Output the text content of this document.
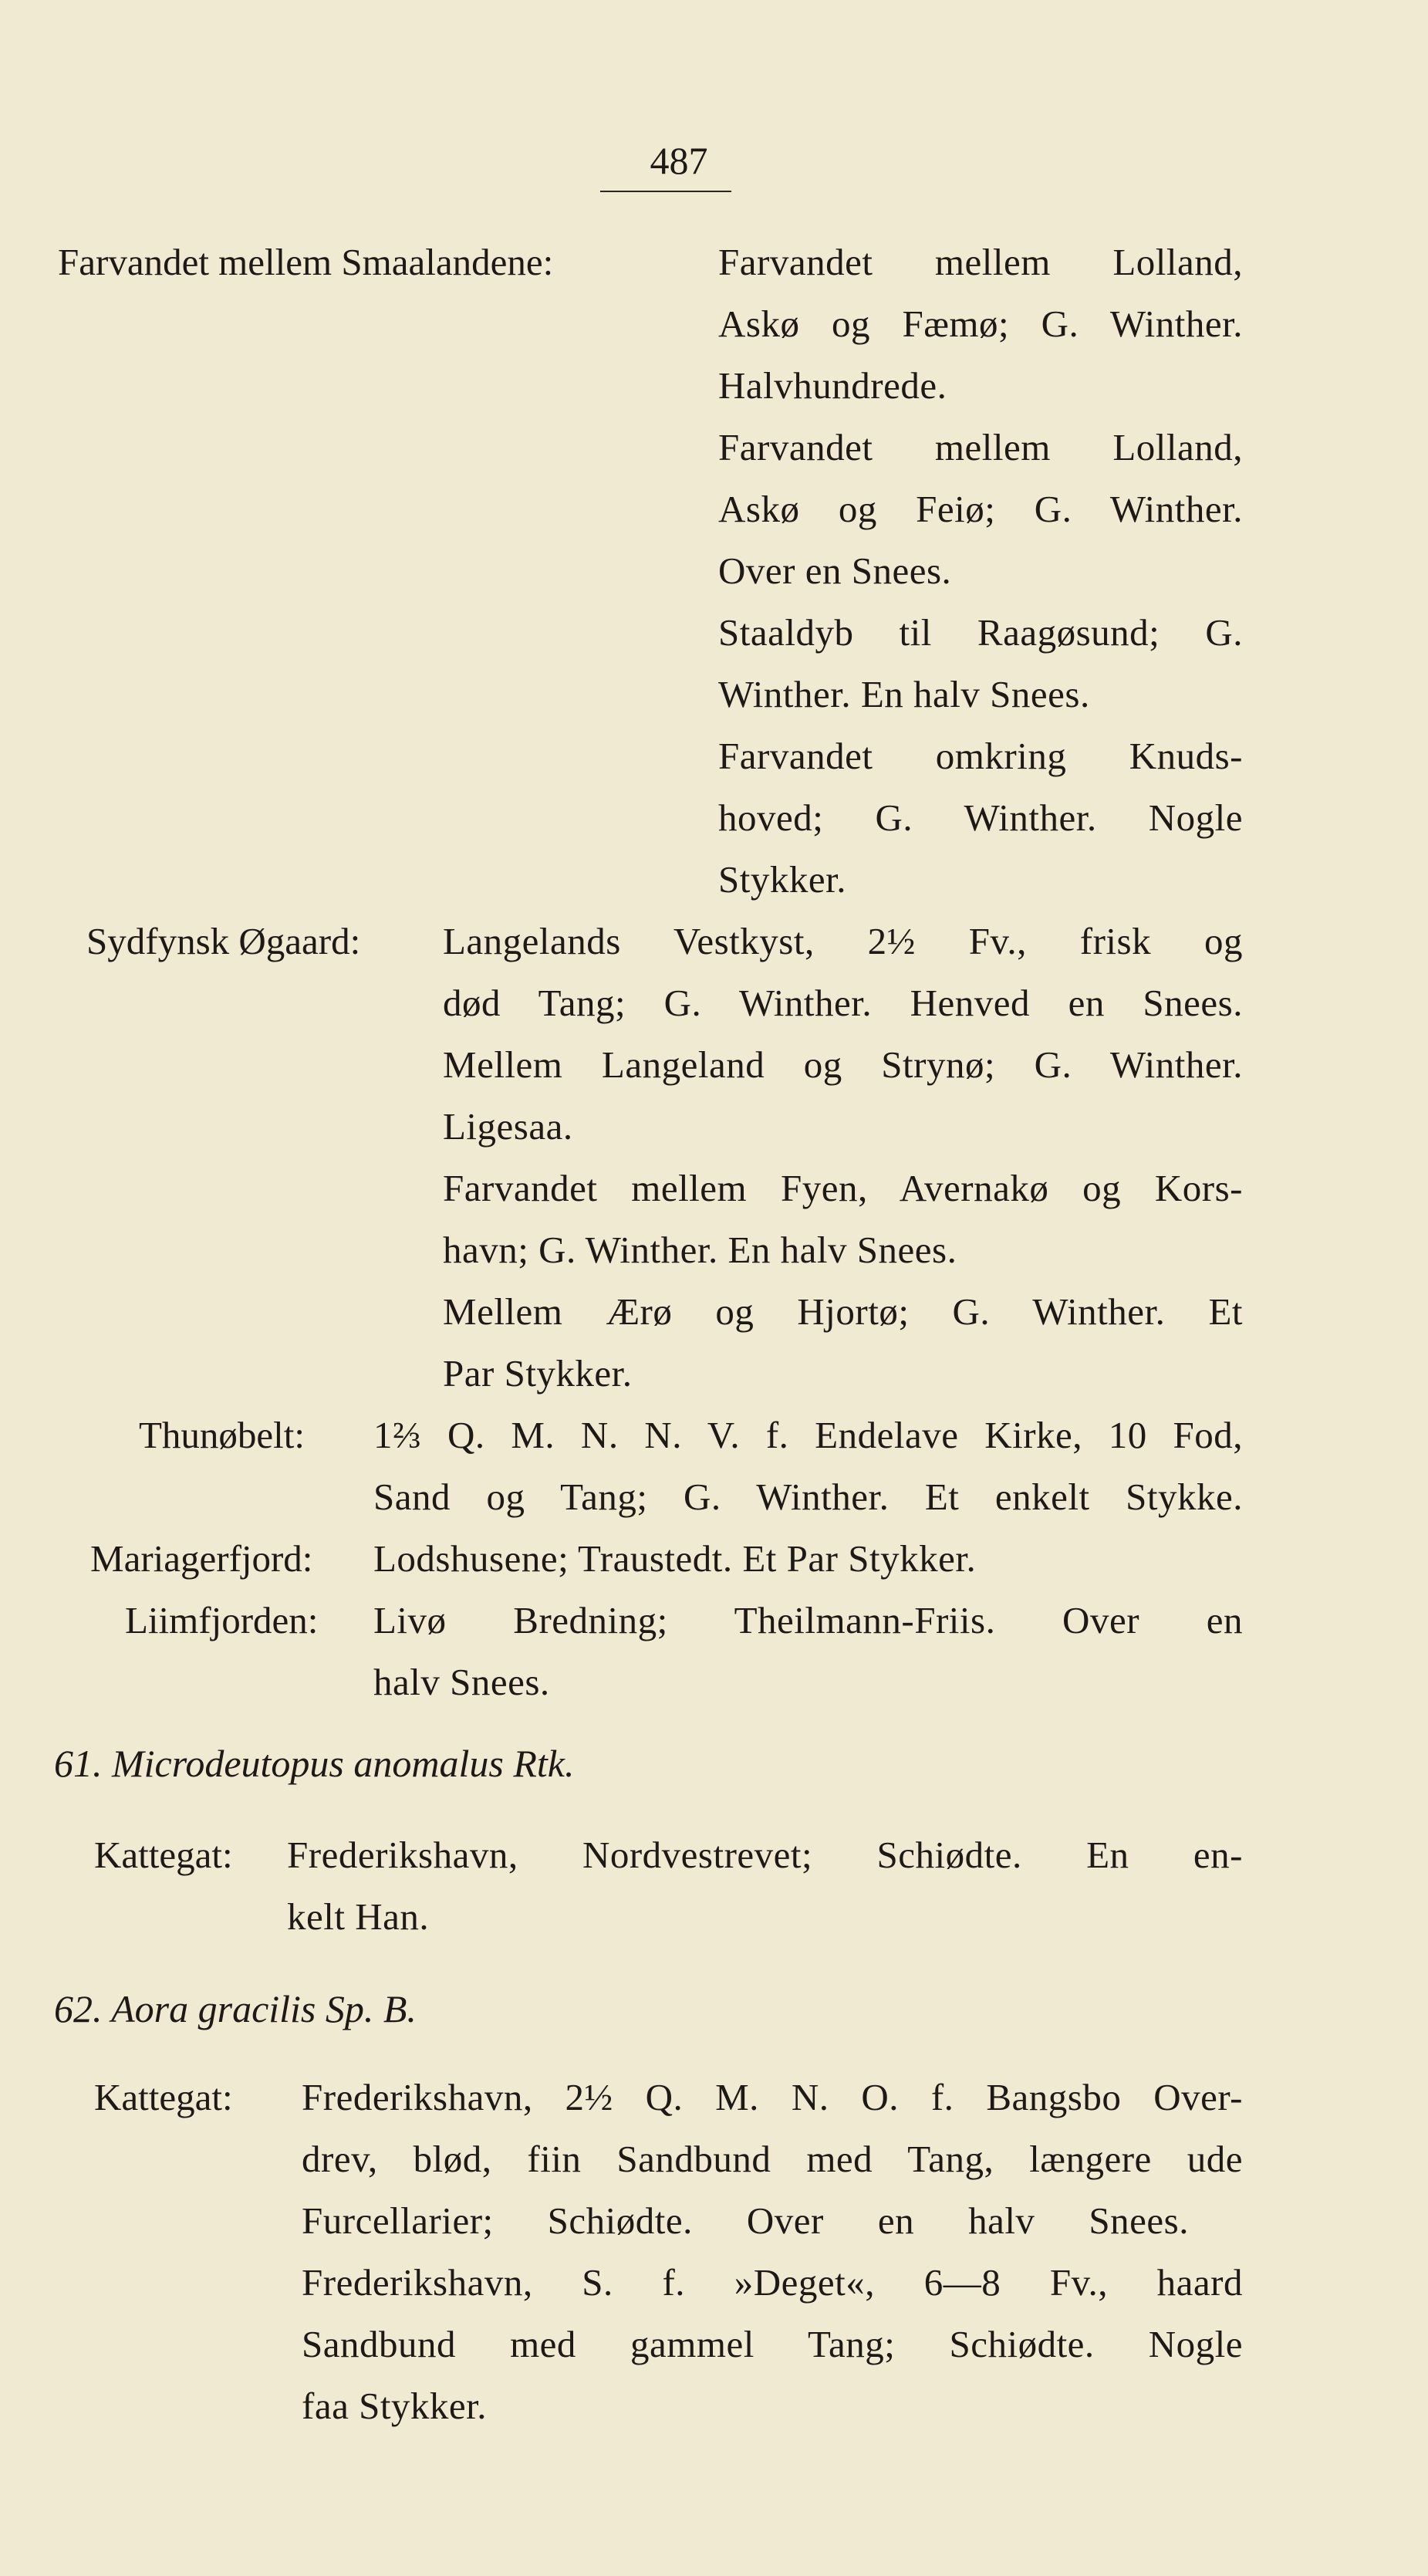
487
Farvandet mellem Smaalandene:	Farvandet mellem Lolland,
Askø og Fæmø; G. Winther.
Halvhundrede.
Farvandet mellem Lolland,
Askø og Feiø; G. Winther.
Over en Snees.
Staaldyb til Raagøsund; G.
Winther. En halv Snees.
Farvandet omkring Knuds-
hoved; G. Winther. Nogle
Stykker.
Sydfynsk Øgaard: Langelands Vestkyst, 2½ Fv., frisk og
død Tang; G. Winther. Henved en Snees.
Mellem Langeland og Strynø; G. Winther.
Ligesaa.
Farvandet mellem Fyen, Avernakø og Kors-
havn; G. Winther. En halv Snees.
Mellem Ærø og Hjortø; G. Winther. Et
Par Stykker.
Thunøbelt: 1⅔ Q. M. N. N. V. f. Endelave Kirke, 10 Fod,
Sand og Tang; G. Winther. Et enkelt Stykke.
Mariagerfjord: Lodshusene; Traustedt. Et Par Stykker.
Liimfjorden: Livø Bredning; Theilmann-Friis. Over en
halv Snees.
61. Microdeutopus anomalus Rtk.
Kattegat: Frederikshavn, Nordvestrevet; Schiødte. En en-
kelt Han.
62. Aora gracilis Sp. B.
Kattegat: Frederikshavn, 2½ Q. M. N. O. f. Bangsbo Over-
drev, blød, fiin Sandbund med Tang, længere ude
Furcellarier; Schiødte. Over en halv Snees.
Frederikshavn, S. f. »Deget«, 6—8 Fv., haard
Sandbund med gammel Tang; Schiødte. Nogle
faa Stykker.
